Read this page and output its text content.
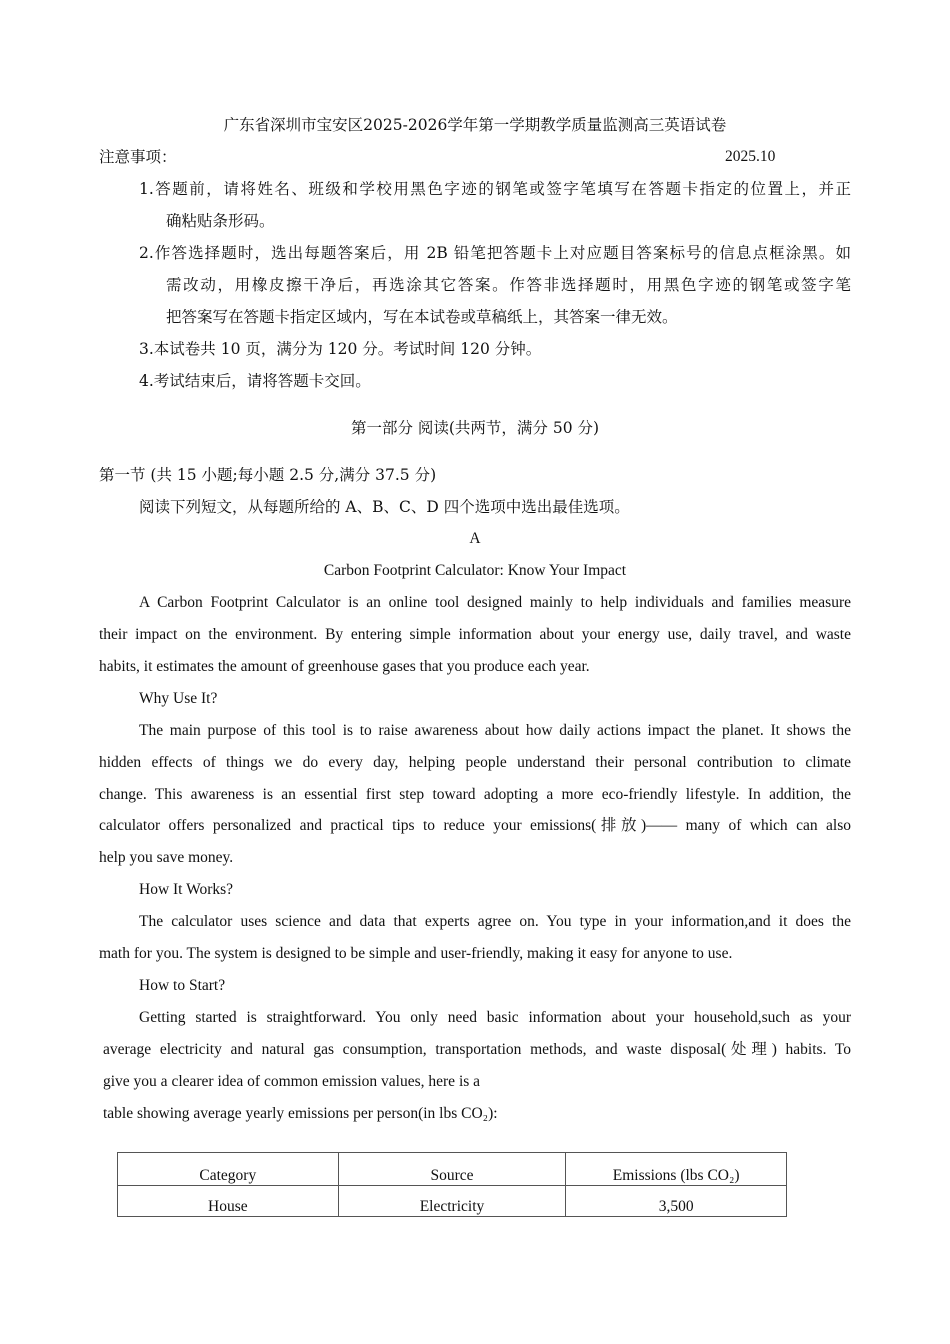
广东省深圳市宝安区2025-2026学年第一学期教学质量监测高三英语试卷
注意事项：	2025.10
1.答题前，请将姓名、班级和学校用黑色字迹的钢笔或签字笔填写在答题卡指定的位置上，并正
确粘贴条形码。
2.作答选择题时，选出每题答案后，用 2B 铅笔把答题卡上对应题目答案标号的信息点框涂黑。如
需改动，用橡皮擦干净后，再选涂其它答案。作答非选择题时，用黑色字迹的钢笔或签字笔
把答案写在答题卡指定区域内，写在本试卷或草稿纸上，其答案一律无效。
3.本试卷共 10 页，满分为 120 分。考试时间 120 分钟。
4.考试结束后，请将答题卡交回。
第一部分 阅读(共两节，满分 50 分)
第一节 (共 15 小题;每小题 2.5 分,满分 37.5 分)
阅读下列短文，从每题所给的 A、B、C、D 四个选项中选出最佳选项。
A
Carbon Footprint Calculator: Know Your Impact
A Carbon Footprint Calculator is an online tool designed mainly to help individuals and families measure
their impact on the environment. By entering simple information about your energy use, daily travel, and waste
habits, it estimates the amount of greenhouse gases that you produce each year.
Why Use It?
The main purpose of this tool is to raise awareness about how daily actions impact the planet. It shows the
hidden effects of things we do every day, helping people understand their personal contribution to climate
change. This awareness is an essential first step toward adopting a more eco-friendly lifestyle. In addition, the
calculator offers personalized and practical tips to reduce your emissions(排放)—— many of which can also
help you save money.
How It Works?
The calculator uses science and data that experts agree on. You type in your information,and it does the
math for you. The system is designed to be simple and user-friendly, making it easy for anyone to use.
How to Start?
Getting started is straightforward. You only need basic information about your household,such as your
average electricity and natural gas consumption, transportation methods, and waste disposal(处理) habits. To
give you a clearer idea of common emission values, here is a
table showing average yearly emissions per person(in lbs CO₂):
Category	Source	Emissions (lbs CO₂)
House	Electricity	3,500
